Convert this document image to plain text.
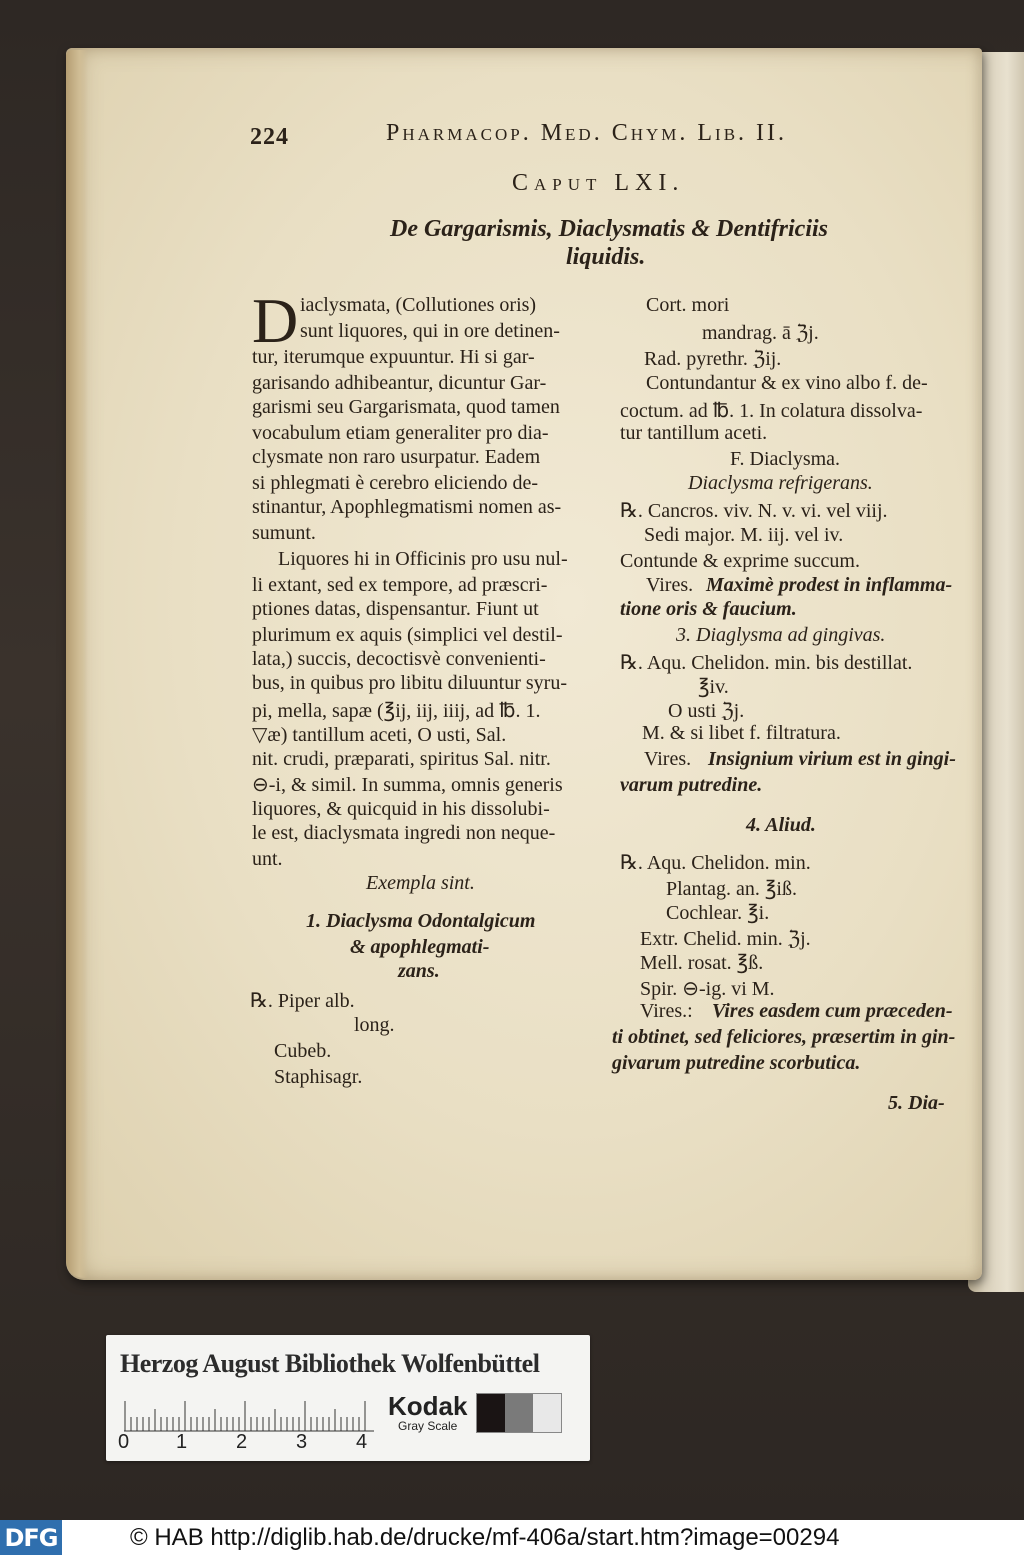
224	Pharmacop. Med. Chym. Lib. II.
Caput LXI.
De Gargarismis, Diaclysmatis & Dentifriciis
liquidis.
D iaclysmata, (Collutiones oris)
sunt liquores, qui in ore detinen-
tur, iterumque expuuntur. Hi si gar-
garisando adhibeantur, dicuntur Gar-
garismi seu Gargarismata, quod tamen
vocabulum etiam generaliter pro dia-
clysmate non raro usurpatur. Eadem
si phlegmati è cerebro eliciendo de-
stinantur, Apophlegmatismi nomen as-
sumunt.
Liquores hi in Officinis pro usu nul-
li extant, sed ex tempore, ad præscri-
ptiones datas, dispensantur. Fiunt ut
plurimum ex aquis (simplici vel destil-
lata,) succis, decoctisvè convenienti-
bus, in quibus pro libitu diluuntur syru-
pi, mella, sapæ (℥ij, iij, iiij, ad ℔. 1.
▽æ) tantillum aceti, O usti, Sal.
nit. crudi, præparati, spiritus Sal. nitr.
⊖-i, & simil. In summa, omnis generis
liquores, & quicquid in his dissolubi-
le est, diaclysmata ingredi non neque-
unt.
Exempla sint.
1. Diaclysma Odontalgicum
& apophlegmati-
zans.
℞. Piper alb.
long.
Cubeb.
Staphisagr.
Cort. mori
mandrag. ā ℨj.
Rad. pyrethr. ℨij.
Contundantur & ex vino albo f. de-
coctum. ad ℔. 1. In colatura dissolva-
tur tantillum aceti.
F. Diaclysma.
Diaclysma refrigerans.
℞. Cancros. viv. N. v. vi. vel viij.
Sedi major. M. iij. vel iv.
Contunde & exprime succum.
Vires. Maximè prodest in inflamma-
tione oris & faucium.
3. Diaglysma ad gingivas.
℞. Aqu. Chelidon. min. bis destillat.
℥iv.
O usti ℨj.
M. & si libet f. filtratura.
Vires. Insignium virium est in gingi-
varum putredine.
4. Aliud.
℞. Aqu. Chelidon. min.
Plantag. an. ℥iß.
Cochlear. ℥i.
Extr. Chelid. min. ℨj.
Mell. rosat. ℥ß.
Spir. ⊖-ig. vi M.
Vires.: Vires easdem cum præceden-
ti obtinet, sed feliciores, præsertim in gin-
givarum putredine scorbutica.
5. Dia-
Herzog August Bibliothek Wolfenbüttel
0 1 2 3 4
Kodak
Gray Scale
DFG	© HAB http://diglib.hab.de/drucke/mf-406a/start.htm?image=00294
